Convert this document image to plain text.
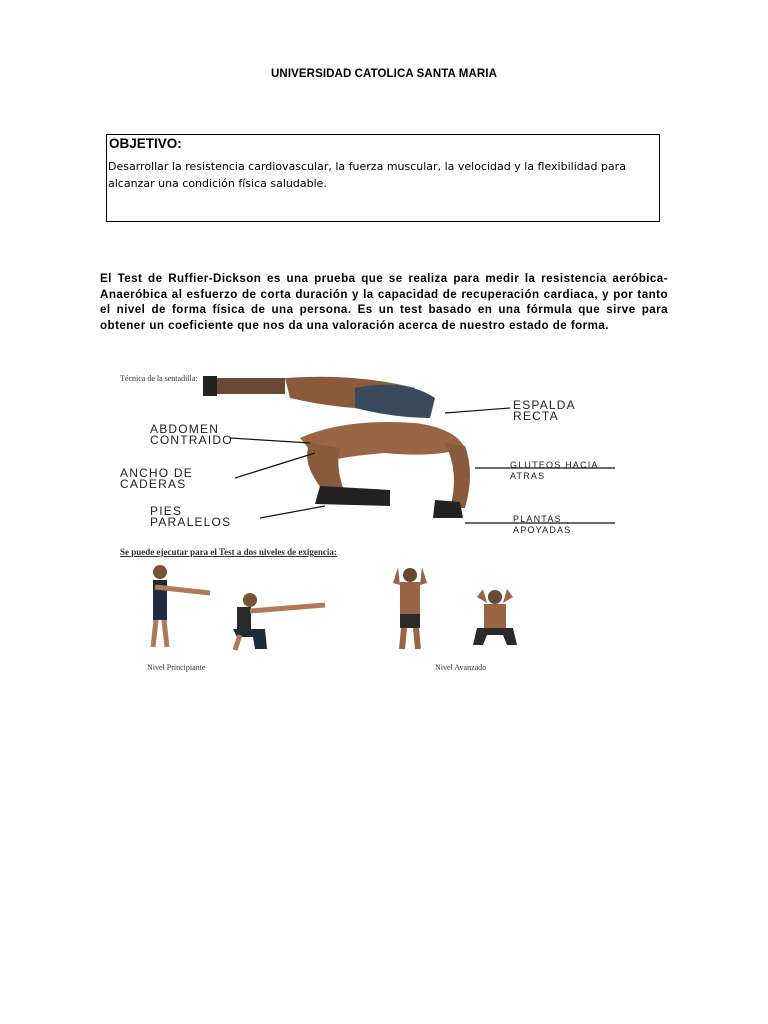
UNIVERSIDAD CATOLICA SANTA MARIA
OBJETIVO:
Desarrollar la resistencia cardiovascular, la fuerza muscular, la velocidad y la flexibilidad para alcanzar una condición física saludable.
El Test de Ruffier-Dickson es una prueba que se realiza para medir la resistencia aeróbica- Anaeróbica al esfuerzo de corta duración y la capacidad de recuperación cardiaca, y por tanto el nivel de forma física de una persona. Es un test basado en una fórmula que sirve para obtener un coeficiente que nos da una valoración acerca de nuestro estado de forma.
Técnica de la sentadilla:
ABDOMEN CONTRAIDO
ANCHO DE CADERAS
PIES PARALELOS
ESPALDA RECTA
GLUTEOS HACIA ATRAS
PLANTAS APOYADAS
Se puede ejecutar para el Test a dos niveles de exigencia:
Nivel Principiante	Nivel Avanzado
